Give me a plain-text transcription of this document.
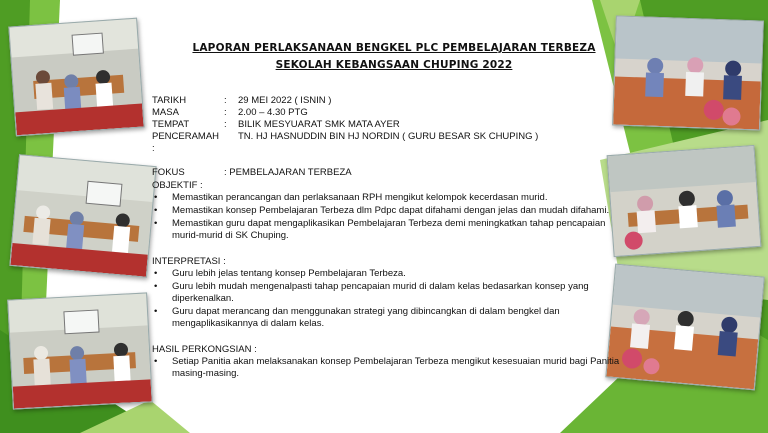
LAPORAN PERLAKSANAAN BENGKEL PLC PEMBELAJARAN TERBEZA
SEKOLAH KEBANGSAAN CHUPING 2022
TARIKH	:	29 MEI 2022 ( ISNIN )
MASA	:	2.00 – 4.30 PTG
TEMPAT	:	BILIK MESYUARAT SMK MATA AYER
PENCERAMAH :
TN. HJ HASNUDDIN BIN HJ NORDIN ( GURU BESAR SK CHUPING )
FOKUS	: PEMBELAJARAN TERBEZA
OBJEKTIF :
• Memastikan perancangan dan perlaksanaan RPH mengikut kelompok kecerdasan murid.
• Memastikan konsep Pembelajaran Terbeza dlm Pdpc dapat difahami dengan jelas dan mudah difahami.
• Memastikan guru dapat mengaplikasikan Pembelajaran Terbeza demi meningkatkan tahap pencapaian murid-murid di SK Chuping.
INTERPRETASI :
• Guru lebih jelas tentang konsep Pembelajaran Terbeza.
• Guru lebih mudah mengenalpasti tahap pencapaian murid di dalam kelas bedasarkan konsep yang diperkenalkan.
• Guru dapat merancang dan menggunakan strategi yang dibincangkan di dalam bengkel dan mengaplikasikannya di dalam kelas.
HASIL PERKONGSIAN :
• Setiap Panitia akan melaksanakan konsep Pembelajaran Terbeza mengikut kesesuaian murid bagi Panitia masing-masing.
